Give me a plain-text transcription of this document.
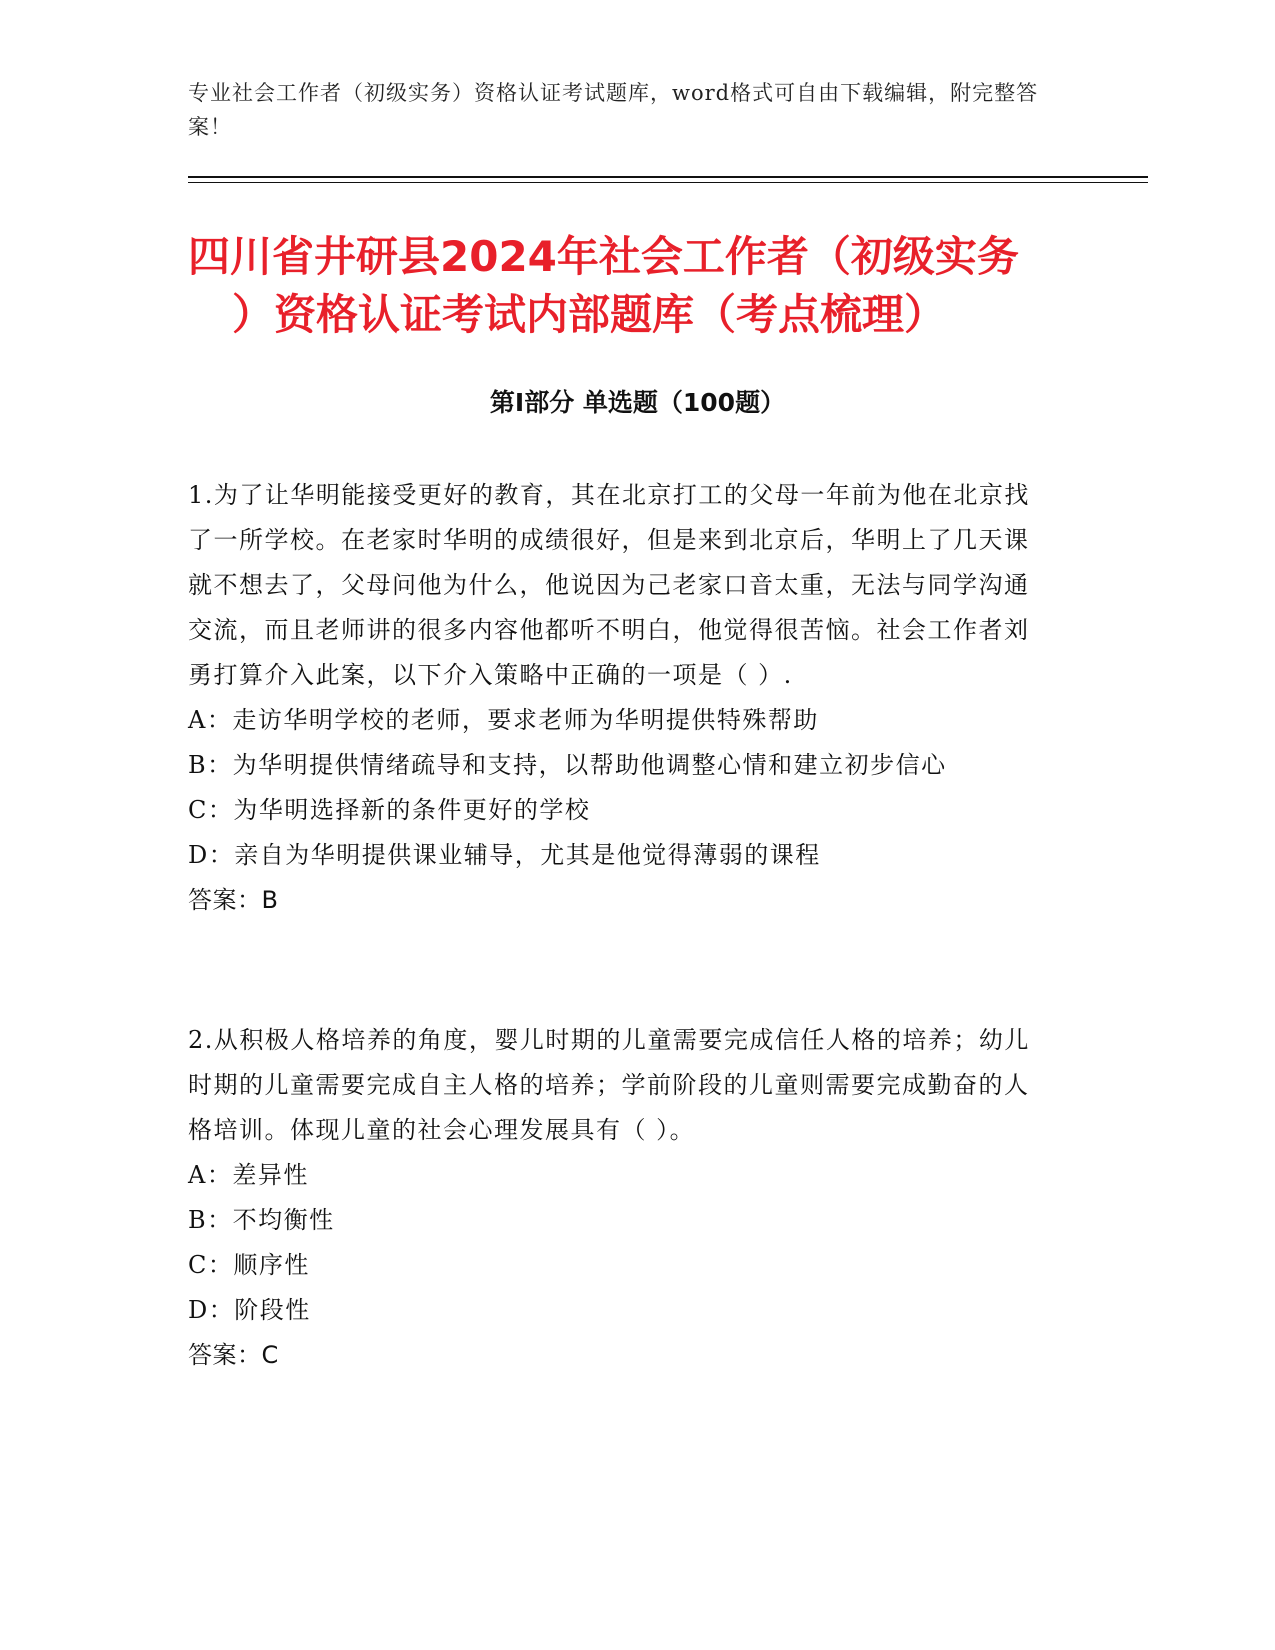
专业社会工作者（初级实务）资格认证考试题库，word格式可自由下载编辑，附完整答案！
四川省井研县2024年社会工作者（初级实务
）资格认证考试内部题库（考点梳理）
第Ⅰ部分 单选题（100题）

1.为了让华明能接受更好的教育，其在北京打工的父母一年前为他在北京找了一所学校。在老家时华明的成绩很好，但是来到北京后，华明上了几天课就不想去了，父母问他为什么，他说因为己老家口音太重，无法与同学沟通交流，而且老师讲的很多内容他都听不明白，他觉得很苦恼。社会工作者刘勇打算介入此案，以下介入策略中正确的一项是（ ）.

A：走访华明学校的老师，要求老师为华明提供特殊帮助

B：为华明提供情绪疏导和支持，以帮助他调整心情和建立初步信心

C：为华明选择新的条件更好的学校

D：亲自为华明提供课业辅导，尤其是他觉得薄弱的课程

答案：B

2.从积极人格培养的角度，婴儿时期的儿童需要完成信任人格的培养；幼儿时期的儿童需要完成自主人格的培养；学前阶段的儿童则需要完成勤奋的人格培训。体现儿童的社会心理发展具有（ ）。

A：差异性

B：不均衡性

C：顺序性

D：阶段性

答案：C
